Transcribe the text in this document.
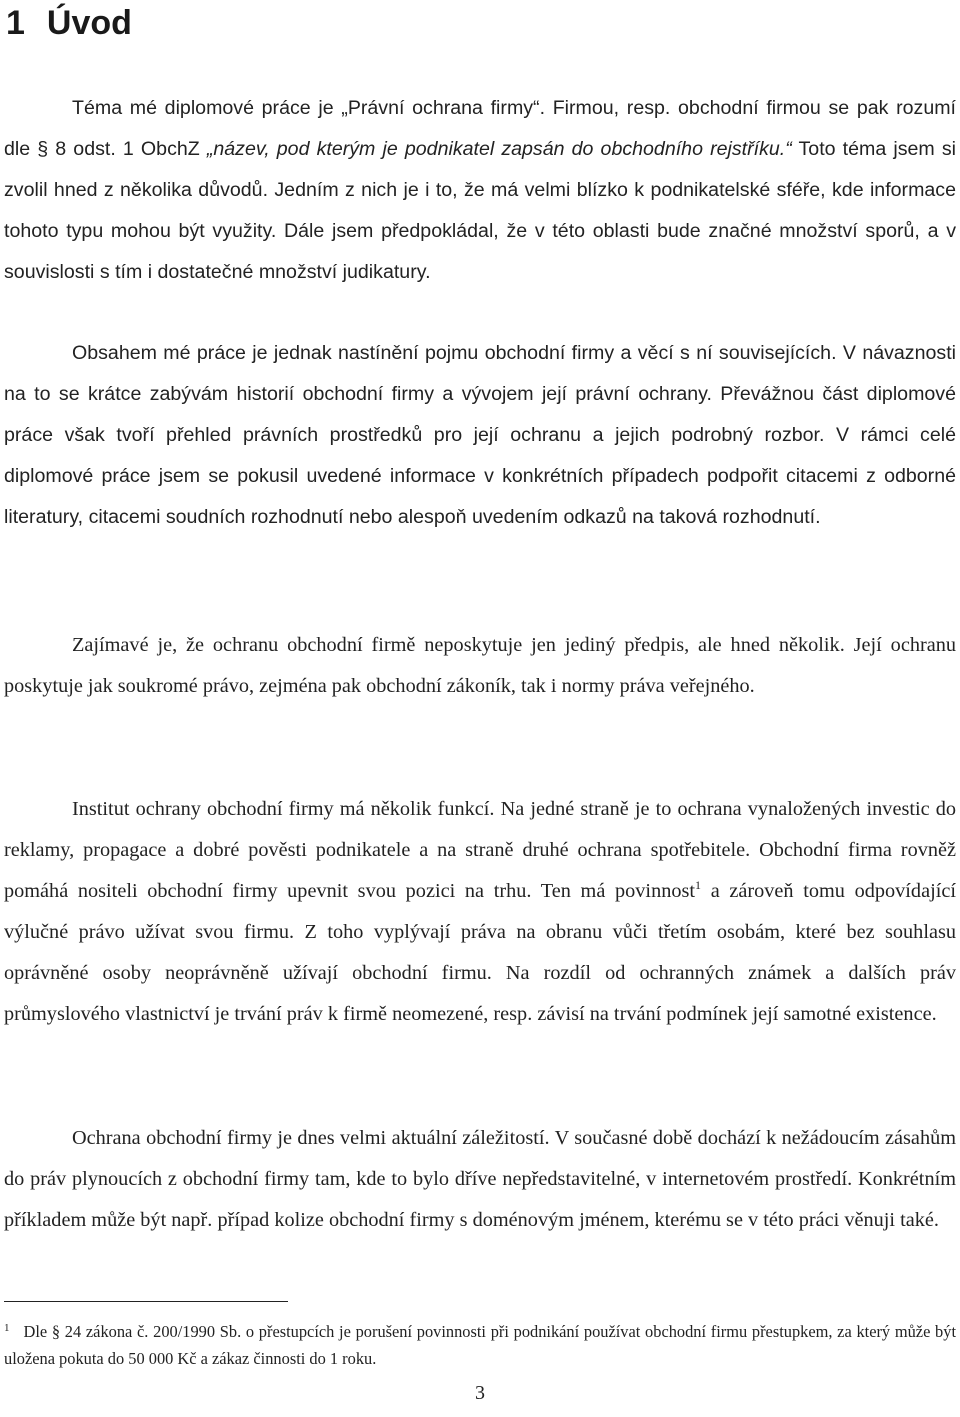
1 Úvod

Téma mé diplomové práce je „Právní ochrana firmy“. Firmou, resp. obchodní firmou se pak rozumí dle § 8 odst. 1 ObchZ „název, pod kterým je podnikatel zapsán do obchodního rejstříku.“ Toto téma jsem si zvolil hned z několika důvodů. Jedním z nich je i to, že má velmi blízko k podnikatelské sféře, kde informace tohoto typu mohou být využity. Dále jsem předpokládal, že v této oblasti bude značné množství sporů, a v souvislosti s tím i dostatečné množství judikatury.

Obsahem mé práce je jednak nastínění pojmu obchodní firmy a věcí s ní souvisejících. V návaznosti na to se krátce zabývám historií obchodní firmy a vývojem její právní ochrany. Převážnou část diplomové práce však tvoří přehled právních prostředků pro její ochranu a jejich podrobný rozbor. V rámci celé diplomové práce jsem se pokusil uvedené informace v konkrétních případech podpořit citacemi z odborné literatury, citacemi soudních rozhodnutí nebo alespoň uvedením odkazů na taková rozhodnutí.

Zajímavé je, že ochranu obchodní firmě neposkytuje jen jediný předpis, ale hned několik. Její ochranu poskytuje jak soukromé právo, zejména pak obchodní zákoník, tak i normy práva veřejného.

Institut ochrany obchodní firmy má několik funkcí. Na jedné straně je to ochrana vynaložených investic do reklamy, propagace a dobré pověsti podnikatele a na straně druhé ochrana spotřebitele. Obchodní firma rovněž pomáhá nositeli obchodní firmy upevnit svou pozici na trhu. Ten má povinnost$^1$ a zároveň tomu odpovídající výlučné právo užívat svou firmu. Z toho vyplývají práva na obranu vůči třetím osobám, které bez souhlasu oprávněné osoby neoprávněně užívají obchodní firmu. Na rozdíl od ochranných známek a dalších práv průmyslového vlastnictví je trvání práv k firmě neomezené, resp. závisí na trvání podmínek její samotné existence.

Ochrana obchodní firmy je dnes velmi aktuální záležitostí. V současné době dochází k nežádoucím zásahům do práv plynoucích z obchodní firmy tam, kde to bylo dříve nepředstavitelné, v internetovém prostředí. Konkrétním příkladem může být např. případ kolize obchodní firmy s doménovým jménem, kterému se v této práci věnuji také.

$^1$ Dle § 24 zákona č. 200/1990 Sb. o přestupcích je porušení povinnosti při podnikání používat obchodní firmu přestupkem, za který může být uložena pokuta do 50 000 Kč a zákaz činnosti do 1 roku.

3
